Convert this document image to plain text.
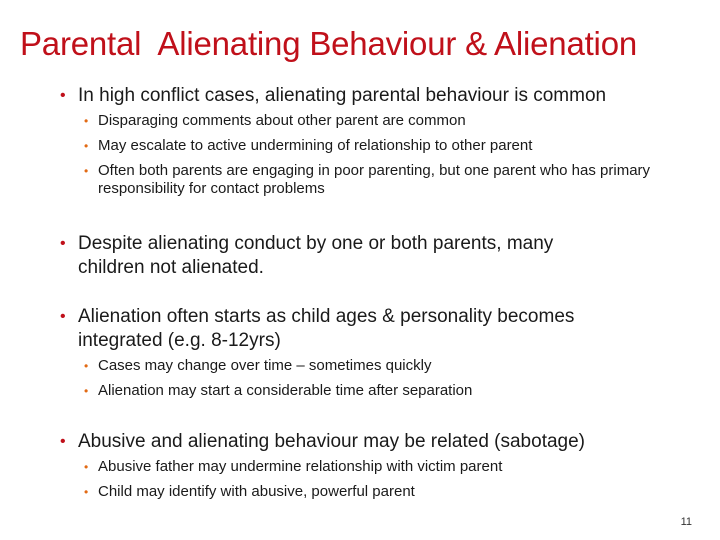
Parental  Alienating Behaviour & Alienation
• In high conflict cases, alienating parental behaviour is common
• Disparaging comments about other parent are common
• May escalate to active undermining of relationship to other parent
• Often both parents are engaging in poor parenting, but one parent who has primary responsibility for contact problems
• Despite alienating conduct by one or both parents, many children not alienated.
• Alienation often starts as child ages & personality becomes integrated (e.g. 8-12yrs)
• Cases may change over time – sometimes quickly
• Alienation may start a considerable time after separation
• Abusive and alienating behaviour may be related (sabotage)
• Abusive father may undermine relationship with victim parent
• Child may identify with abusive, powerful parent
11
